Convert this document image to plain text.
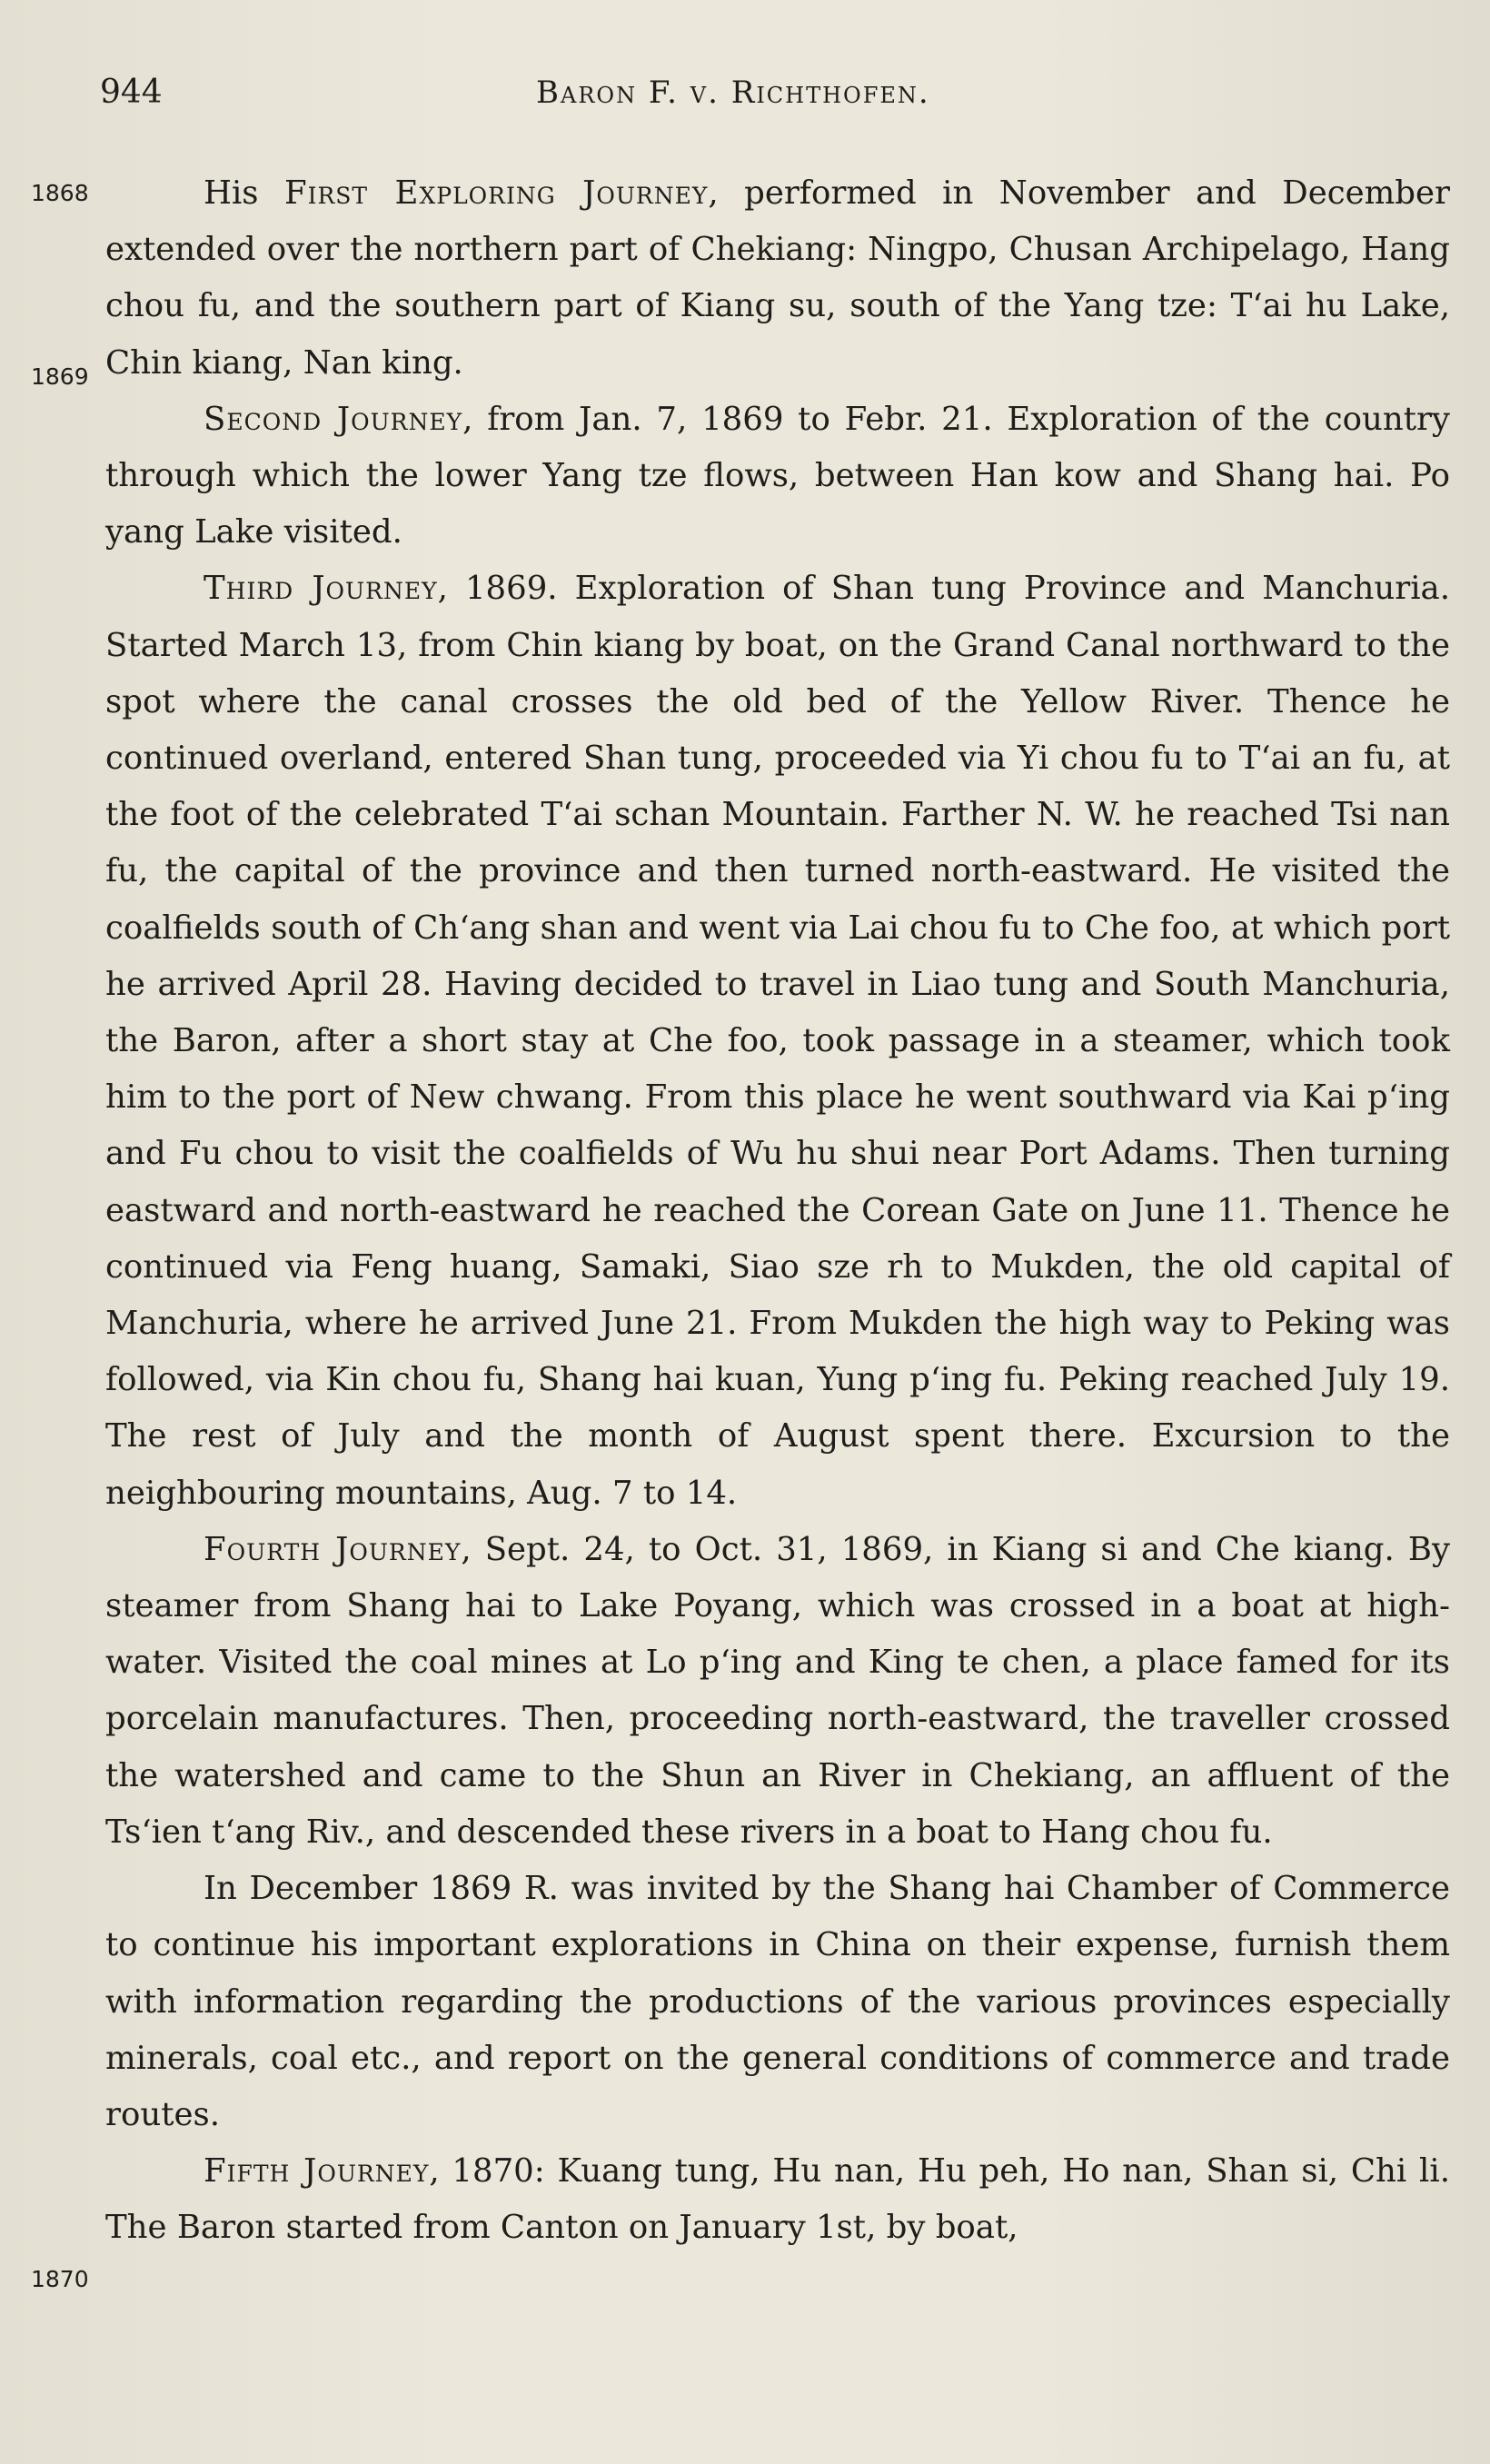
944	Baron F. v. Richthofen.
1868
1869
1870

His First Exploring Journey, performed in November and December extended over the northern part of Chekiang: Ningpo, Chusan Archipelago, Hang chou fu, and the southern part of Kiang su, south of the Yang tze: Tʻai hu Lake, Chin kiang, Nan king.

Second Journey, from Jan. 7, 1869 to Febr. 21. Exploration of the country through which the lower Yang tze flows, between Han kow and Shang hai. Po yang Lake visited.

Third Journey, 1869. Exploration of Shan tung Province and Manchuria. Started March 13, from Chin kiang by boat, on the Grand Canal northward to the spot where the canal crosses the old bed of the Yellow River. Thence he continued overland, entered Shan tung, proceeded via Yi chou fu to Tʻai an fu, at the foot of the celebrated Tʻai schan Mountain. Farther N. W. he reached Tsi nan fu, the capital of the province and then turned north-eastward. He visited the coalfields south of Chʻang shan and went via Lai chou fu to Che foo, at which port he arrived April 28. Having decided to travel in Liao tung and South Manchuria, the Baron, after a short stay at Che foo, took passage in a steamer, which took him to the port of New chwang. From this place he went southward via Kai pʻing and Fu chou to visit the coalfields of Wu hu shui near Port Adams. Then turning eastward and north-eastward he reached the Corean Gate on June 11. Thence he continued via Feng huang, Samaki, Siao sze rh to Mukden, the old capital of Manchuria, where he arrived June 21. From Mukden the high way to Peking was followed, via Kin chou fu, Shang hai kuan, Yung pʻing fu. Peking reached July 19. The rest of July and the month of August spent there. Excursion to the neighbouring mountains, Aug. 7 to 14.

Fourth Journey, Sept. 24, to Oct. 31, 1869, in Kiang si and Che kiang. By steamer from Shang hai to Lake Poyang, which was crossed in a boat at high-water. Visited the coal mines at Lo pʻing and King te chen, a place famed for its porcelain manufactures. Then, proceeding north-eastward, the traveller crossed the watershed and came to the Shun an River in Chekiang, an affluent of the Tsʻien tʻang Riv., and descended these rivers in a boat to Hang chou fu.

In December 1869 R. was invited by the Shang hai Chamber of Commerce to continue his important explorations in China on their expense, furnish them with information regarding the productions of the various provinces especially minerals, coal etc., and report on the general conditions of commerce and trade routes.

Fifth Journey, 1870: Kuang tung, Hu nan, Hu peh, Ho nan, Shan si, Chi li. The Baron started from Canton on January 1st, by boat,
